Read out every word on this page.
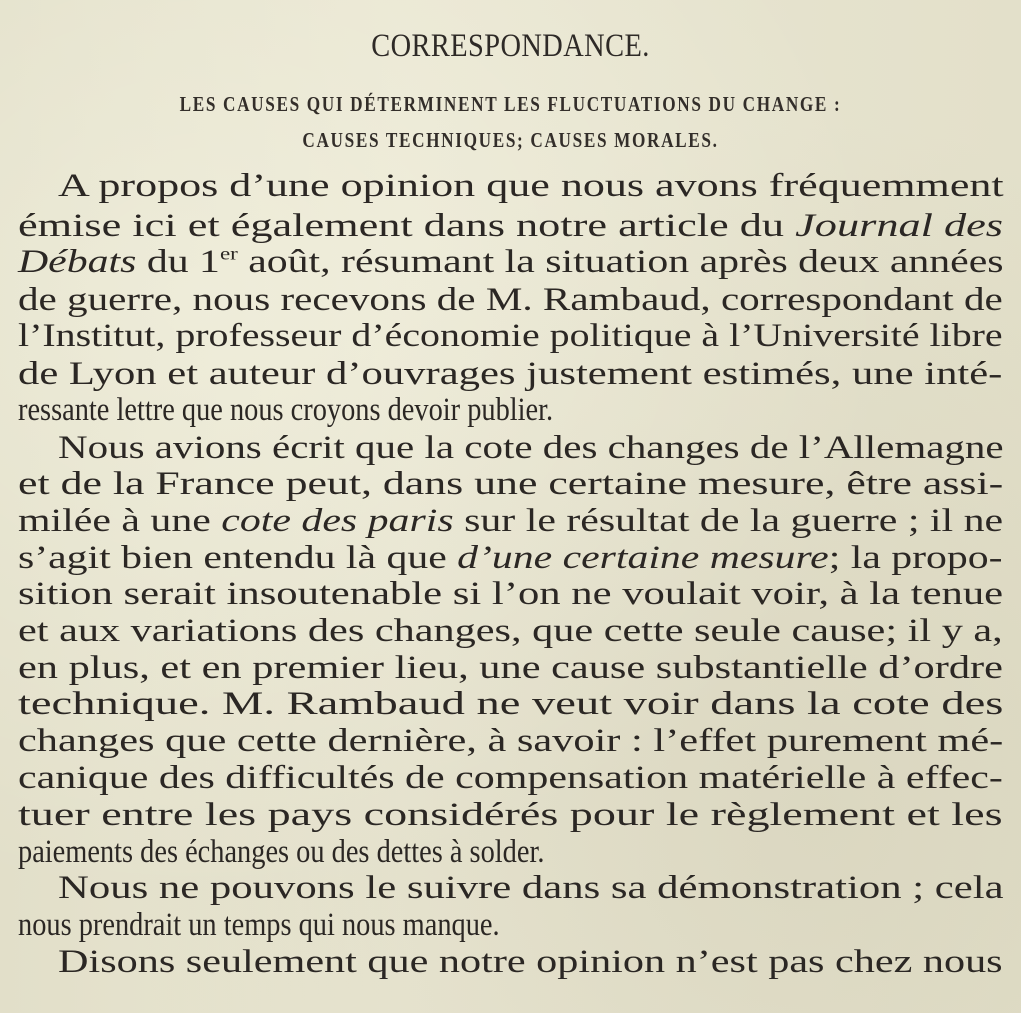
CORRESPONDANCE.
LES CAUSES QUI DÉTERMINENT LES FLUCTUATIONS DU CHANGE :
CAUSES TECHNIQUES; CAUSES MORALES.
A propos d’une opinion que nous avons fréquemment
émise ici et également dans notre article du Journal des
Débats du 1er août, résumant la situation après deux années
de guerre, nous recevons de M. Rambaud, correspondant de
l’Institut, professeur d’économie politique à l’Université libre
de Lyon et auteur d’ouvrages justement estimés, une inté-
ressante lettre que nous croyons devoir publier.
Nous avions écrit que la cote des changes de l’Allemagne
et de la France peut, dans une certaine mesure, être assi-
milée à une cote des paris sur le résultat de la guerre ; il ne
s’agit bien entendu là que d’une certaine mesure; la propo-
sition serait insoutenable si l’on ne voulait voir, à la tenue
et aux variations des changes, que cette seule cause; il y a,
en plus, et en premier lieu, une cause substantielle d’ordre
technique. M. Rambaud ne veut voir dans la cote des
changes que cette dernière, à savoir : l’effet purement mé-
canique des difficultés de compensation matérielle à effec-
tuer entre les pays considérés pour le règlement et les
paiements des échanges ou des dettes à solder.
Nous ne pouvons le suivre dans sa démonstration ; cela
nous prendrait un temps qui nous manque.
Disons seulement que notre opinion n’est pas chez nous
